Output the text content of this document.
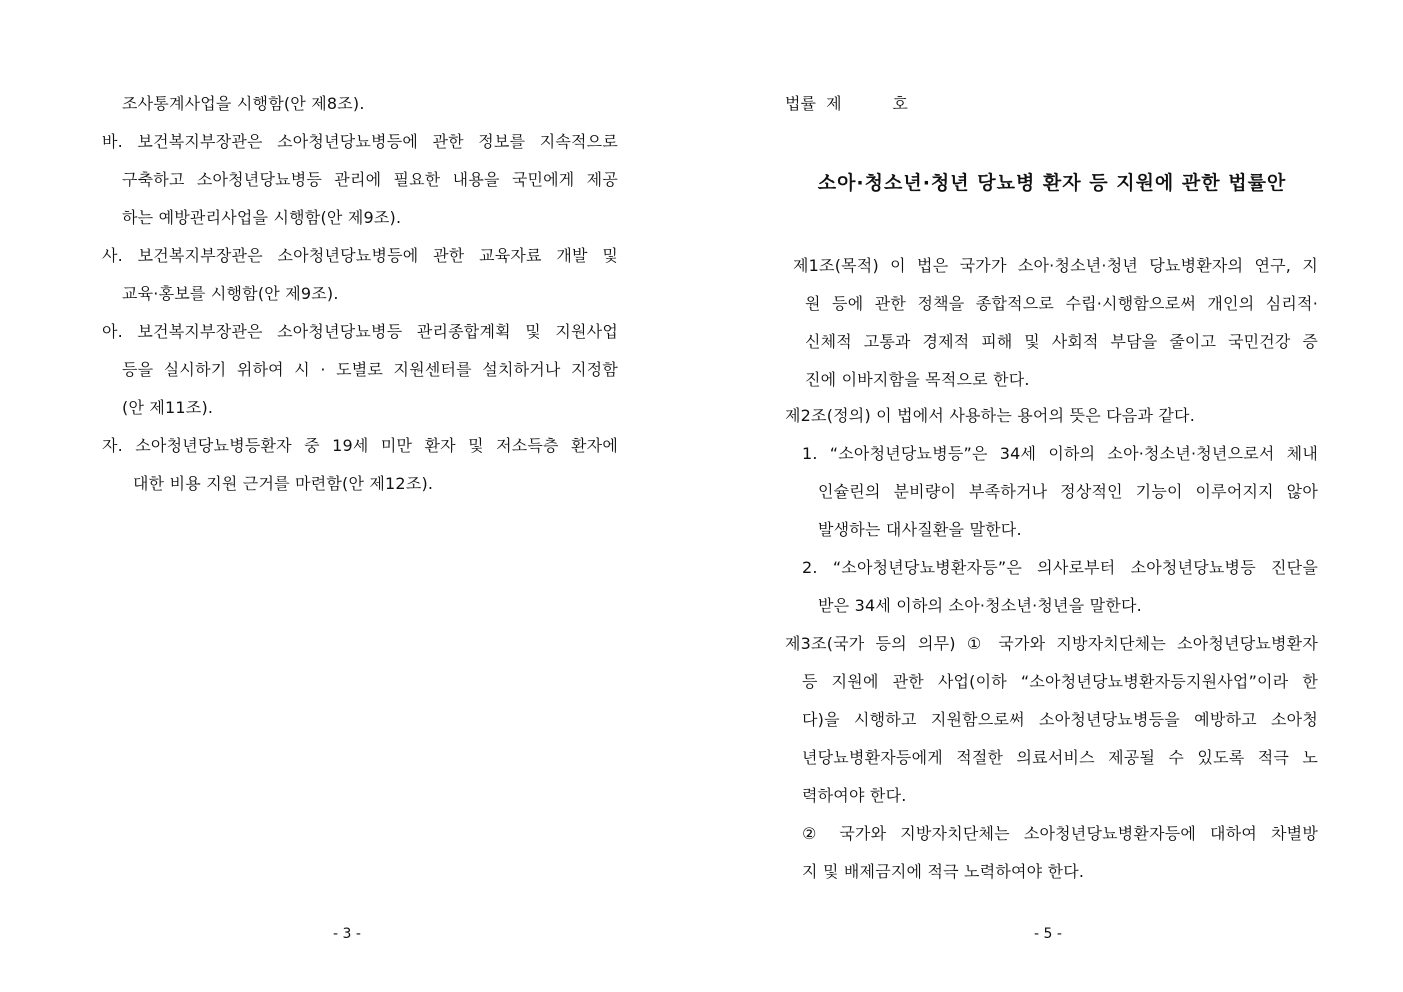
조사통계사업을 시행함(안 제8조).
바. 보건복지부장관은 소아청년당뇨병등에 관한 정보를 지속적으로
구축하고 소아청년당뇨병등 관리에 필요한 내용을 국민에게 제공
하는 예방관리사업을 시행함(안 제9조).
사. 보건복지부장관은 소아청년당뇨병등에 관한 교육자료 개발 및
교육·홍보를 시행함(안 제9조).
아. 보건복지부장관은 소아청년당뇨병등 관리종합계획 및 지원사업
등을 실시하기 위하여 시 · 도별로 지원센터를 설치하거나 지정함
(안 제11조).
자. 소아청년당뇨병등환자 중 19세 미만 환자 및 저소득층 환자에
대한 비용 지원 근거를 마련함(안 제12조).
- 3 -
법률  제          호
소아·청소년·청년 당뇨병 환자 등 지원에 관한 법률안
제1조(목적) 이 법은 국가가 소아·청소년·청년 당뇨병환자의 연구, 지
원 등에 관한 정책을 종합적으로 수립·시행함으로써 개인의 심리적·
신체적 고통과 경제적 피해 및 사회적 부담을 줄이고 국민건강 증
진에 이바지함을 목적으로 한다.
제2조(정의) 이 법에서 사용하는 용어의 뜻은 다음과 같다.
1. “소아청년당뇨병등”은 34세 이하의 소아·청소년·청년으로서 체내
인슐린의 분비량이 부족하거나 정상적인 기능이 이루어지지 않아
발생하는 대사질환을 말한다.
2. “소아청년당뇨병환자등”은 의사로부터 소아청년당뇨병등 진단을
받은 34세 이하의 소아·청소년·청년을 말한다.
제3조(국가 등의 의무) ① 국가와 지방자치단체는 소아청년당뇨병환자
등 지원에 관한 사업(이하 “소아청년당뇨병환자등지원사업”이라 한
다)을 시행하고 지원함으로써 소아청년당뇨병등을 예방하고 소아청
년당뇨병환자등에게 적절한 의료서비스 제공될 수 있도록 적극 노
력하여야 한다.
② 국가와 지방자치단체는 소아청년당뇨병환자등에 대하여 차별방
지 및 배제금지에 적극 노력하여야 한다.
- 5 -
